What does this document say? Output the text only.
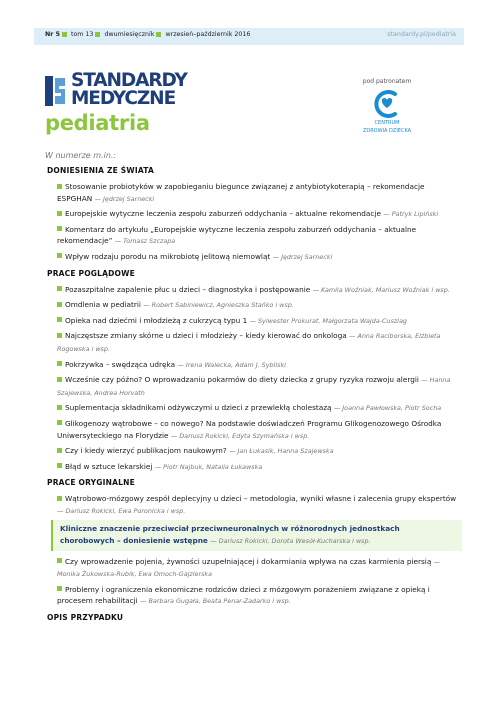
Nr 5 tom 13 dwumiesięcznik wrzesień–październik 2016	standardy.pl/pediatria
STANDARDY
MEDYCZNE
pediatria
pod patronatem
CENTRUM
ZDROWIA DZIECKA
W numerze m.in.:
DONIESIENIA ZE ŚWIATA
Stosowanie probiotyków w zapobieganiu biegunce związanej z antybiotykoterapią – rekomendacje ESPGHAN — Jędrzej Sarnecki
Europejskie wytyczne leczenia zespołu zaburzeń oddychania – aktualne rekomendacje — Patryk Lipiński
Komentarz do artykułu „Europejskie wytyczne leczenia zespołu zaburzeń oddychania – aktualne rekomendacje” — Tomasz Szczapa
Wpływ rodzaju porodu na mikrobiotę jelitową niemowląt — Jędrzej Sarnecki
PRACE POGLĄDOWE
Pozaszpitalne zapalenie płuc u dzieci – diagnostyka i postępowanie — Kamila Woźniak, Mariusz Woźniak i wsp.
Omdlenia w pediatrii — Robert Sabiniewicz, Agnieszka Stańko i wsp.
Opieka nad dziećmi i młodzieżą z cukrzycą typu 1 — Sylwester Prokurat, Małgorzata Wajda-Cuszlag
Najczęstsze zmiany skórne u dzieci i młodzieży – kiedy kierować do onkologa — Anna Raciborska, Elżbieta Rogowska i wsp.
Pokrzywka – swędząca udręka — Irena Walecka, Adam J. Sybilski
Wcześnie czy późno? O wprowadzaniu pokarmów do diety dziecka z grupy ryzyka rozwoju alergii — Hanna Szajewska, Andrea Horvath
Suplementacja składnikami odżywczymi u dzieci z przewlekłą cholestazą — Joanna Pawłowska, Piotr Socha
Glikogenozy wątrobowe – co nowego? Na podstawie doświadczeń Programu Glikogenozowego Ośrodka Uniwersyteckiego na Florydzie — Dariusz Rokicki, Edyta Szymańska i wsp.
Czy i kiedy wierzyć publikacjom naukowym? — Jan Łukasik, Hanna Szajewska
Błąd w sztuce lekarskiej — Piotr Najbuk, Natalia Łukawska
PRACE ORYGINALNE
Wątrobowo-mózgowy zespół deplecyjny u dzieci – metodologia, wyniki własne i zalecenia grupy ekspertów — Dariusz Rokicki, Ewa Poronicka i wsp.
Kliniczne znaczenie przeciwciał przeciwneuronalnych w różnorodnych jednostkach chorobowych – doniesienie wstępne — Dariusz Rokicki, Dorota Wesół-Kucharska i wsp.
Czy wprowadzenie pojenia, żywności uzupełniającej i dokarmiania wpływa na czas karmienia piersią — Monika Żukowska-Rubik, Ewa Omoch-Gajzlerska
Problemy i ograniczenia ekonomiczne rodziców dzieci z mózgowym porażeniem związane z opieką i procesem rehabilitacji — Barbara Gugała, Beata Penar-Zadarko i wsp.
OPIS PRZYPADKU
